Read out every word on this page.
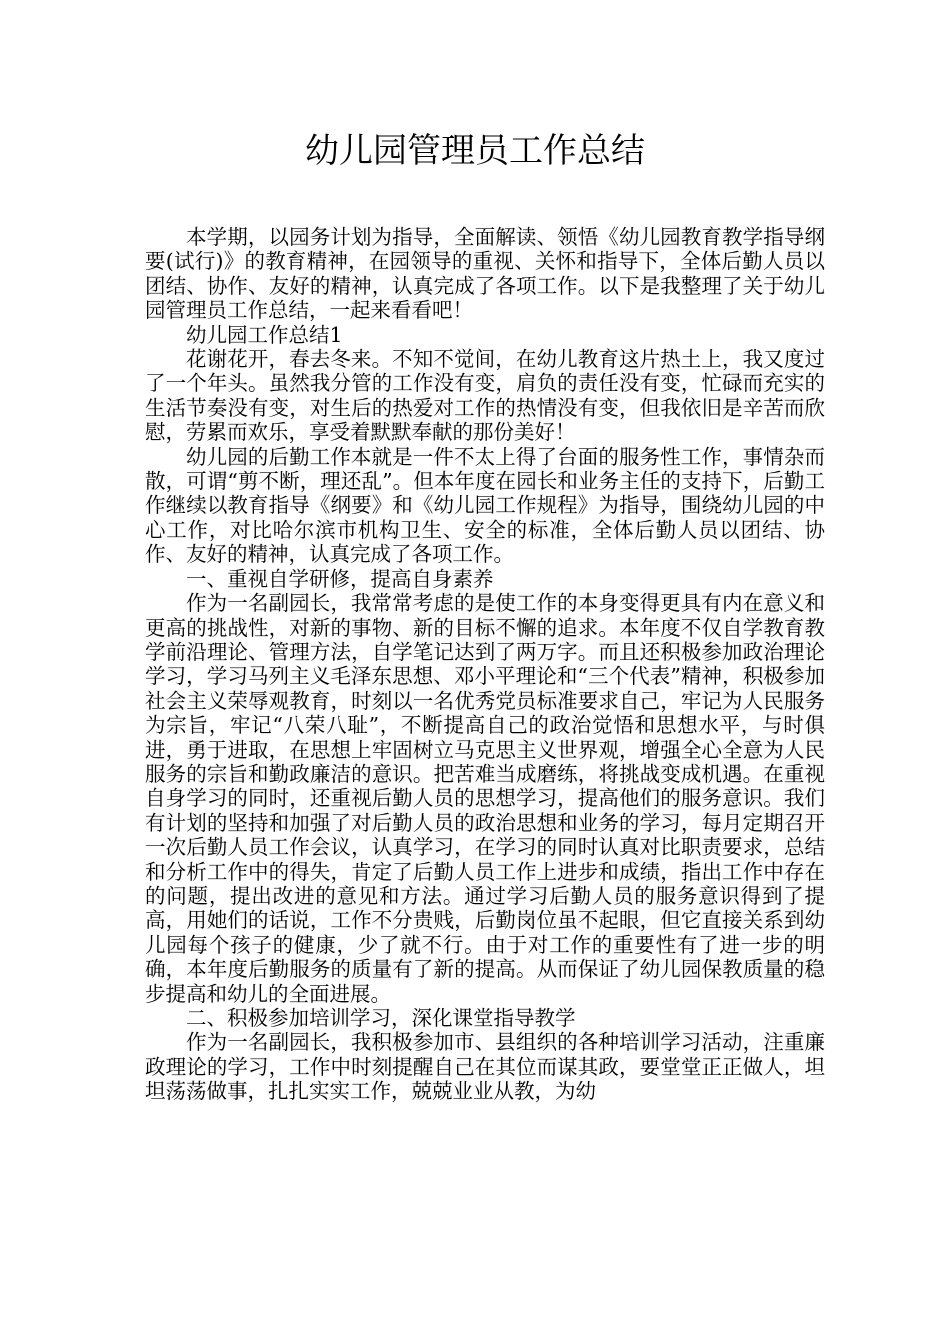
幼儿园管理员工作总结

本学期，以园务计划为指导，全面解读、领悟《幼儿园教育教学指导纲要(试行)》的教育精神，在园领导的重视、关怀和指导下，全体后勤人员以团结、协作、友好的精神，认真完成了各项工作。以下是我整理了关于幼儿园管理员工作总结，一起来看看吧！

幼儿园工作总结1

花谢花开，春去冬来。不知不觉间，在幼儿教育这片热土上，我又度过了一个年头。虽然我分管的工作没有变，肩负的责任没有变，忙碌而充实的生活节奏没有变，对生后的热爱对工作的热情没有变，但我依旧是辛苦而欣慰，劳累而欢乐，享受着默默奉献的那份美好！

幼儿园的后勤工作本就是一件不太上得了台面的服务性工作，事情杂而散，可谓“剪不断，理还乱”。但本年度在园长和业务主任的支持下，后勤工作继续以教育指导《纲要》和《幼儿园工作规程》为指导，围绕幼儿园的中心工作，对比哈尔滨市机构卫生、安全的标准，全体后勤人员以团结、协作、友好的精神，认真完成了各项工作。

一、重视自学研修，提高自身素养

作为一名副园长，我常常考虑的是使工作的本身变得更具有内在意义和更高的挑战性，对新的事物、新的目标不懈的追求。本年度不仅自学教育教学前沿理论、管理方法，自学笔记达到了两万字。而且还积极参加政治理论学习，学习马列主义毛泽东思想、邓小平理论和“三个代表”精神，积极参加社会主义荣辱观教育，时刻以一名优秀党员标准要求自己，牢记为人民服务为宗旨，牢记“八荣八耻”，不断提高自己的政治觉悟和思想水平，与时俱进，勇于进取，在思想上牢固树立马克思主义世界观，增强全心全意为人民服务的宗旨和勤政廉洁的意识。把苦难当成磨练，将挑战变成机遇。在重视自身学习的同时，还重视后勤人员的思想学习，提高他们的服务意识。我们有计划的坚持和加强了对后勤人员的政治思想和业务的学习，每月定期召开一次后勤人员工作会议，认真学习，在学习的同时认真对比职责要求，总结和分析工作中的得失，肯定了后勤人员工作上进步和成绩，指出工作中存在的问题，提出改进的意见和方法。通过学习后勤人员的服务意识得到了提高，用她们的话说，工作不分贵贱，后勤岗位虽不起眼，但它直接关系到幼儿园每个孩子的健康，少了就不行。由于对工作的重要性有了进一步的明确，本年度后勤服务的质量有了新的提高。从而保证了幼儿园保教质量的稳步提高和幼儿的全面进展。

二、积极参加培训学习，深化课堂指导教学

作为一名副园长，我积极参加市、县组织的各种培训学习活动，注重廉政理论的学习，工作中时刻提醒自己在其位而谋其政，要堂堂正正做人，坦坦荡荡做事，扎扎实实工作，兢兢业业从教，为幼
